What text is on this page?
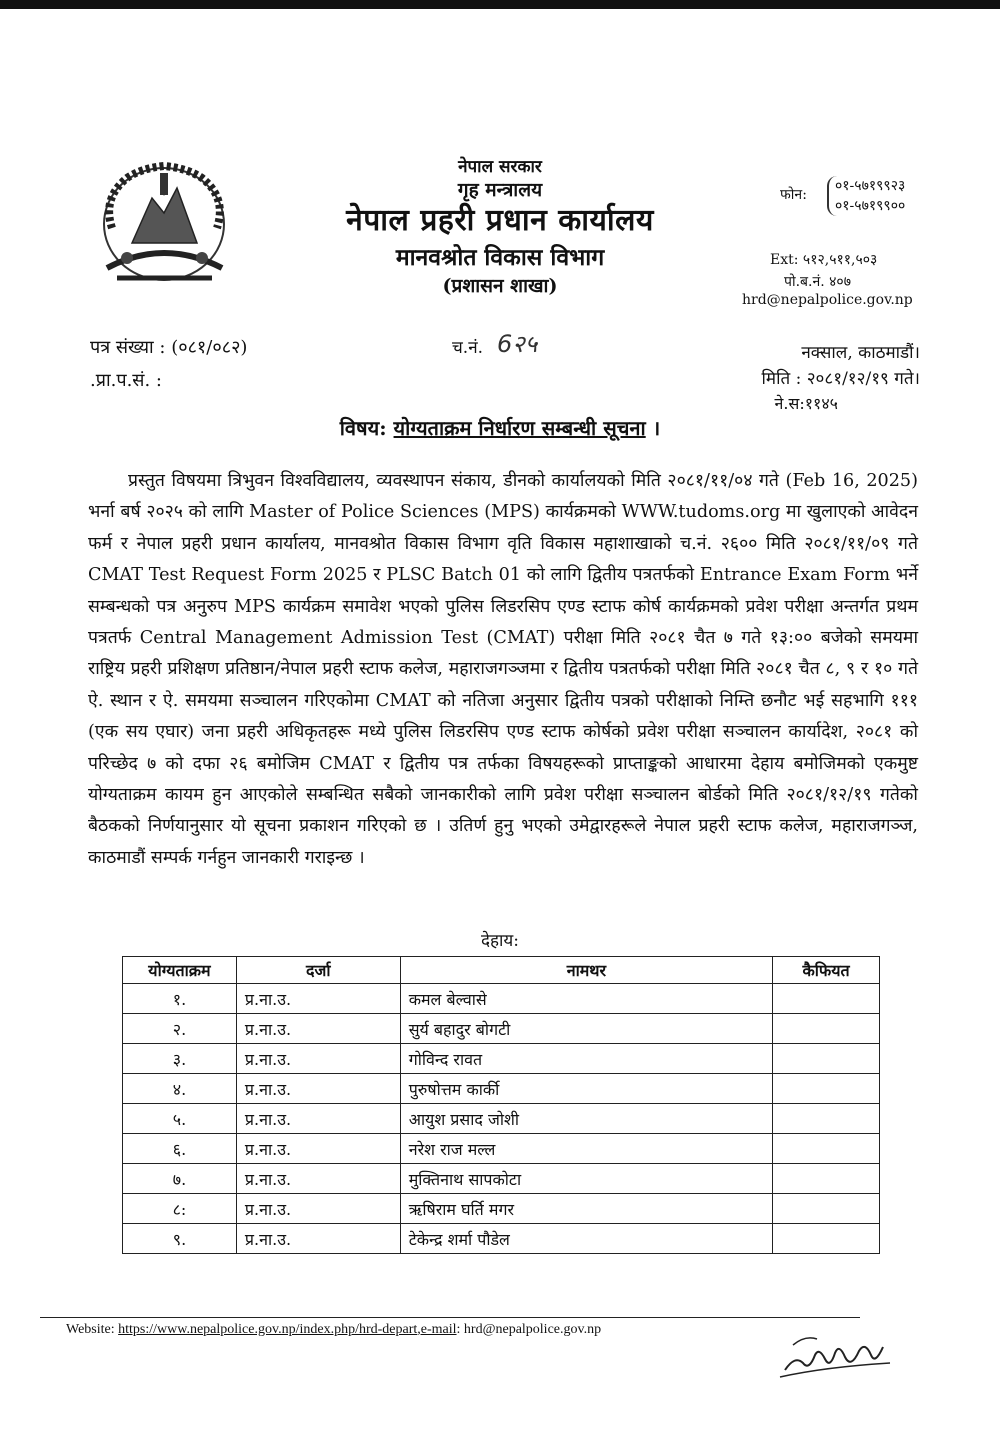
नेपाल सरकार
गृह मन्त्रालय
नेपाल प्रहरी प्रधान कार्यालय
मानवश्रोत विकास विभाग
(प्रशासन शाखा)
फोन:
०१-५७१९९२३
०१-५७१९९००
Ext: ५१२,५११,५०३
पो.ब.नं. ४०७
hrd@nepalpolice.gov.np
पत्र संख्या : (०८१/०८२)
.प्रा.प.सं. :
च.नं. 6२५	नक्साल, काठमाडौं।
मिति : २०८१/१२/१९ गते।
ने.स:११४५
विषय: योग्यताक्रम निर्धारण सम्बन्धी सूचना ।

प्रस्तुत विषयमा त्रिभुवन विश्वविद्यालय, व्यवस्थापन संकाय, डीनको कार्यालयको मिति २०८१/११/०४ गते (Feb 16, 2025) भर्ना बर्ष २०२५ को लागि Master of Police Sciences (MPS) कार्यक्रमको WWW.tudoms.org मा खुलाएको आवेदन फर्म र नेपाल प्रहरी प्रधान कार्यालय, मानवश्रोत विकास विभाग वृति विकास महाशाखाको च.नं. २६०० मिति २०८१/११/०९ गते CMAT Test Request Form 2025 र PLSC Batch 01 को लागि द्वितीय पत्रतर्फको Entrance Exam Form भर्ने सम्बन्धको पत्र अनुरुप MPS कार्यक्रम समावेश भएको पुलिस लिडरसिप एण्ड स्टाफ कोर्ष कार्यक्रमको प्रवेश परीक्षा अन्तर्गत प्रथम पत्रतर्फ Central Management Admission Test (CMAT) परीक्षा मिति २०८१ चैत ७ गते १३:०० बजेको समयमा राष्ट्रिय प्रहरी प्रशिक्षण प्रतिष्ठान/नेपाल प्रहरी स्टाफ कलेज, महाराजगञ्जमा र द्वितीय पत्रतर्फको परीक्षा मिति २०८१ चैत ८, ९ र १० गते ऐ. स्थान र ऐ. समयमा सञ्चालन गरिएकोमा CMAT को नतिजा अनुसार द्वितीय पत्रको परीक्षाको निम्ति छनौट भई सहभागि १११ (एक सय एघार) जना प्रहरी अधिकृतहरू मध्ये पुलिस लिडरसिप एण्ड स्टाफ कोर्षको प्रवेश परीक्षा सञ्चालन कार्यादेश, २०८१ को परिच्छेद ७ को दफा २६ बमोजिम CMAT र द्वितीय पत्र तर्फका विषयहरूको प्राप्ताङ्कको आधारमा देहाय बमोजिमको एकमुष्ट योग्यताक्रम कायम हुन आएकोले सम्बन्धित सबैको जानकारीको लागि प्रवेश परीक्षा सञ्चालन बोर्डको मिति २०८१/१२/१९ गतेको बैठकको निर्णयानुसार यो सूचना प्रकाशन गरिएको छ । उतिर्ण हुनु भएको उमेद्वारहरूले नेपाल प्रहरी स्टाफ कलेज, महाराजगञ्ज, काठमाडौं सम्पर्क गर्नहुन जानकारी गराइन्छ ।

देहाय:
योग्यताक्रम	दर्जा	नामथर	कैफियत
१.	प्र.ना.उ.	कमल बेल्वासे	
२.	प्र.ना.उ.	सुर्य बहादुर बोगटी	
३.	प्र.ना.उ.	गोविन्द रावत	
४.	प्र.ना.उ.	पुरुषोत्तम कार्की	
५.	प्र.ना.उ.	आयुश प्रसाद जोशी	
६.	प्र.ना.उ.	नरेश राज मल्ल	
७.	प्र.ना.उ.	मुक्तिनाथ सापकोटा	
८:	प्र.ना.उ.	ऋषिराम घर्ति मगर	
९.	प्र.ना.उ.	टेकेन्द्र शर्मा पौडेल	
Website: https://www.nepalpolice.gov.np/index.php/hrd-depart,e-mail: hrd@nepalpolice.gov.np
